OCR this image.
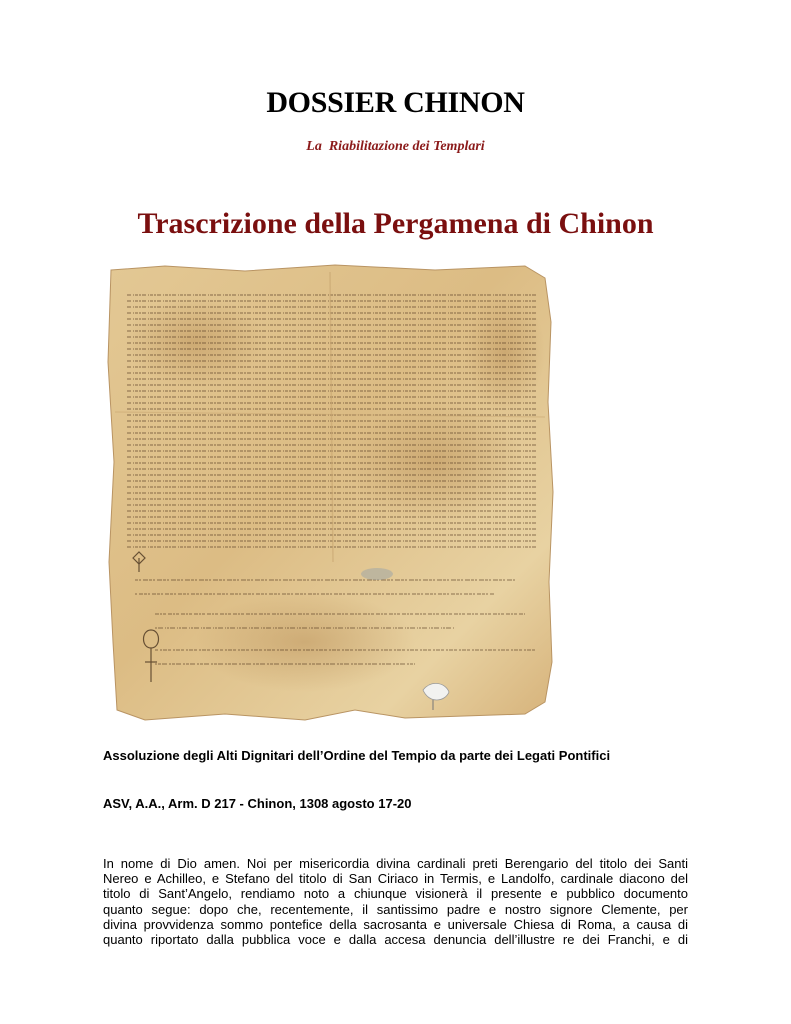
DOSSIER CHINON
La  Riabilitazione dei Templari
Trascrizione della Pergamena di Chinon
Assoluzione degli Alti Dignitari dell’Ordine del Tempio da parte dei Legati Pontifici
ASV, A.A., Arm. D 217 - Chinon, 1308 agosto 17-20
In nome di Dio amen. Noi per misericordia divina cardinali preti Berengario del titolo dei Santi
Nereo e Achilleo, e Stefano del titolo di San Ciriaco in Termis, e Landolfo, cardinale diacono del
titolo di Sant’Angelo, rendiamo noto a chiunque visionerà il presente e pubblico documento
quanto segue: dopo che, recentemente, il santissimo padre e nostro signore Clemente, per
divina provvidenza sommo pontefice della sacrosanta e universale Chiesa di Roma, a causa di
quanto riportato dalla pubblica voce e dalla accesa denuncia dell’illustre re dei Franchi, e di
